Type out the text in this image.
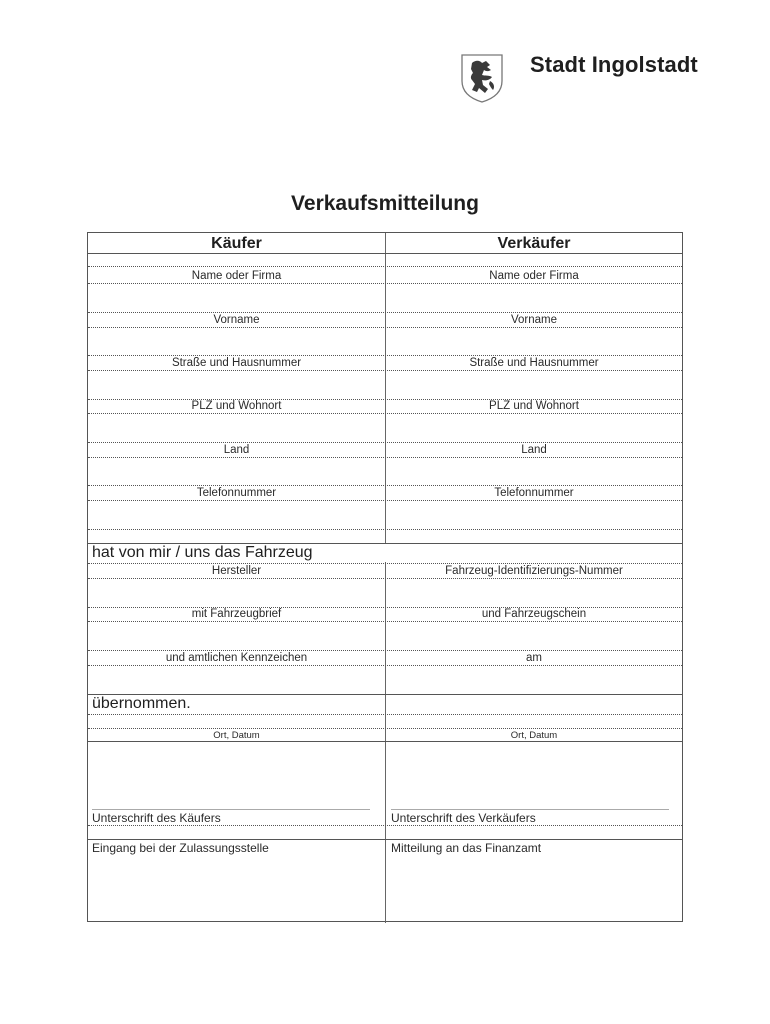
Stadt Ingolstadt
Verkaufsmitteilung
Käufer	Verkäufer
Name oder Firma	Name oder Firma
Vorname	Vorname
Straße und Hausnummer	Straße und Hausnummer
PLZ und Wohnort	PLZ und Wohnort
Land	Land
Telefonnummer	Telefonnummer
hat von mir / uns das Fahrzeug
Hersteller	Fahrzeug-Identifizierungs-Nummer
mit Fahrzeugbrief	und Fahrzeugschein
und amtlichen Kennzeichen	am
übernommen.
Ort, Datum	Ort, Datum
Unterschrift des Käufers	Unterschrift des Verkäufers
Eingang bei der Zulassungsstelle	Mitteilung an das Finanzamt
